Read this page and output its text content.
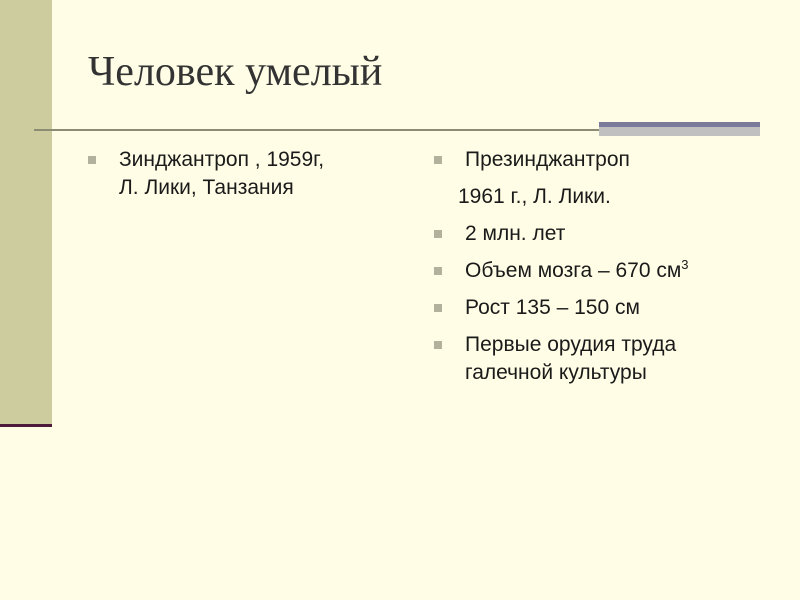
Человек умелый
Зинджантроп , 1959г,
Л. Лики, Танзания
Презинджантроп
1961 г., Л. Лики.
2 млн. лет
Объем мозга – 670 $см^3$
Рост 135 – 150 см
Первые орудия труда
галечной культуры
